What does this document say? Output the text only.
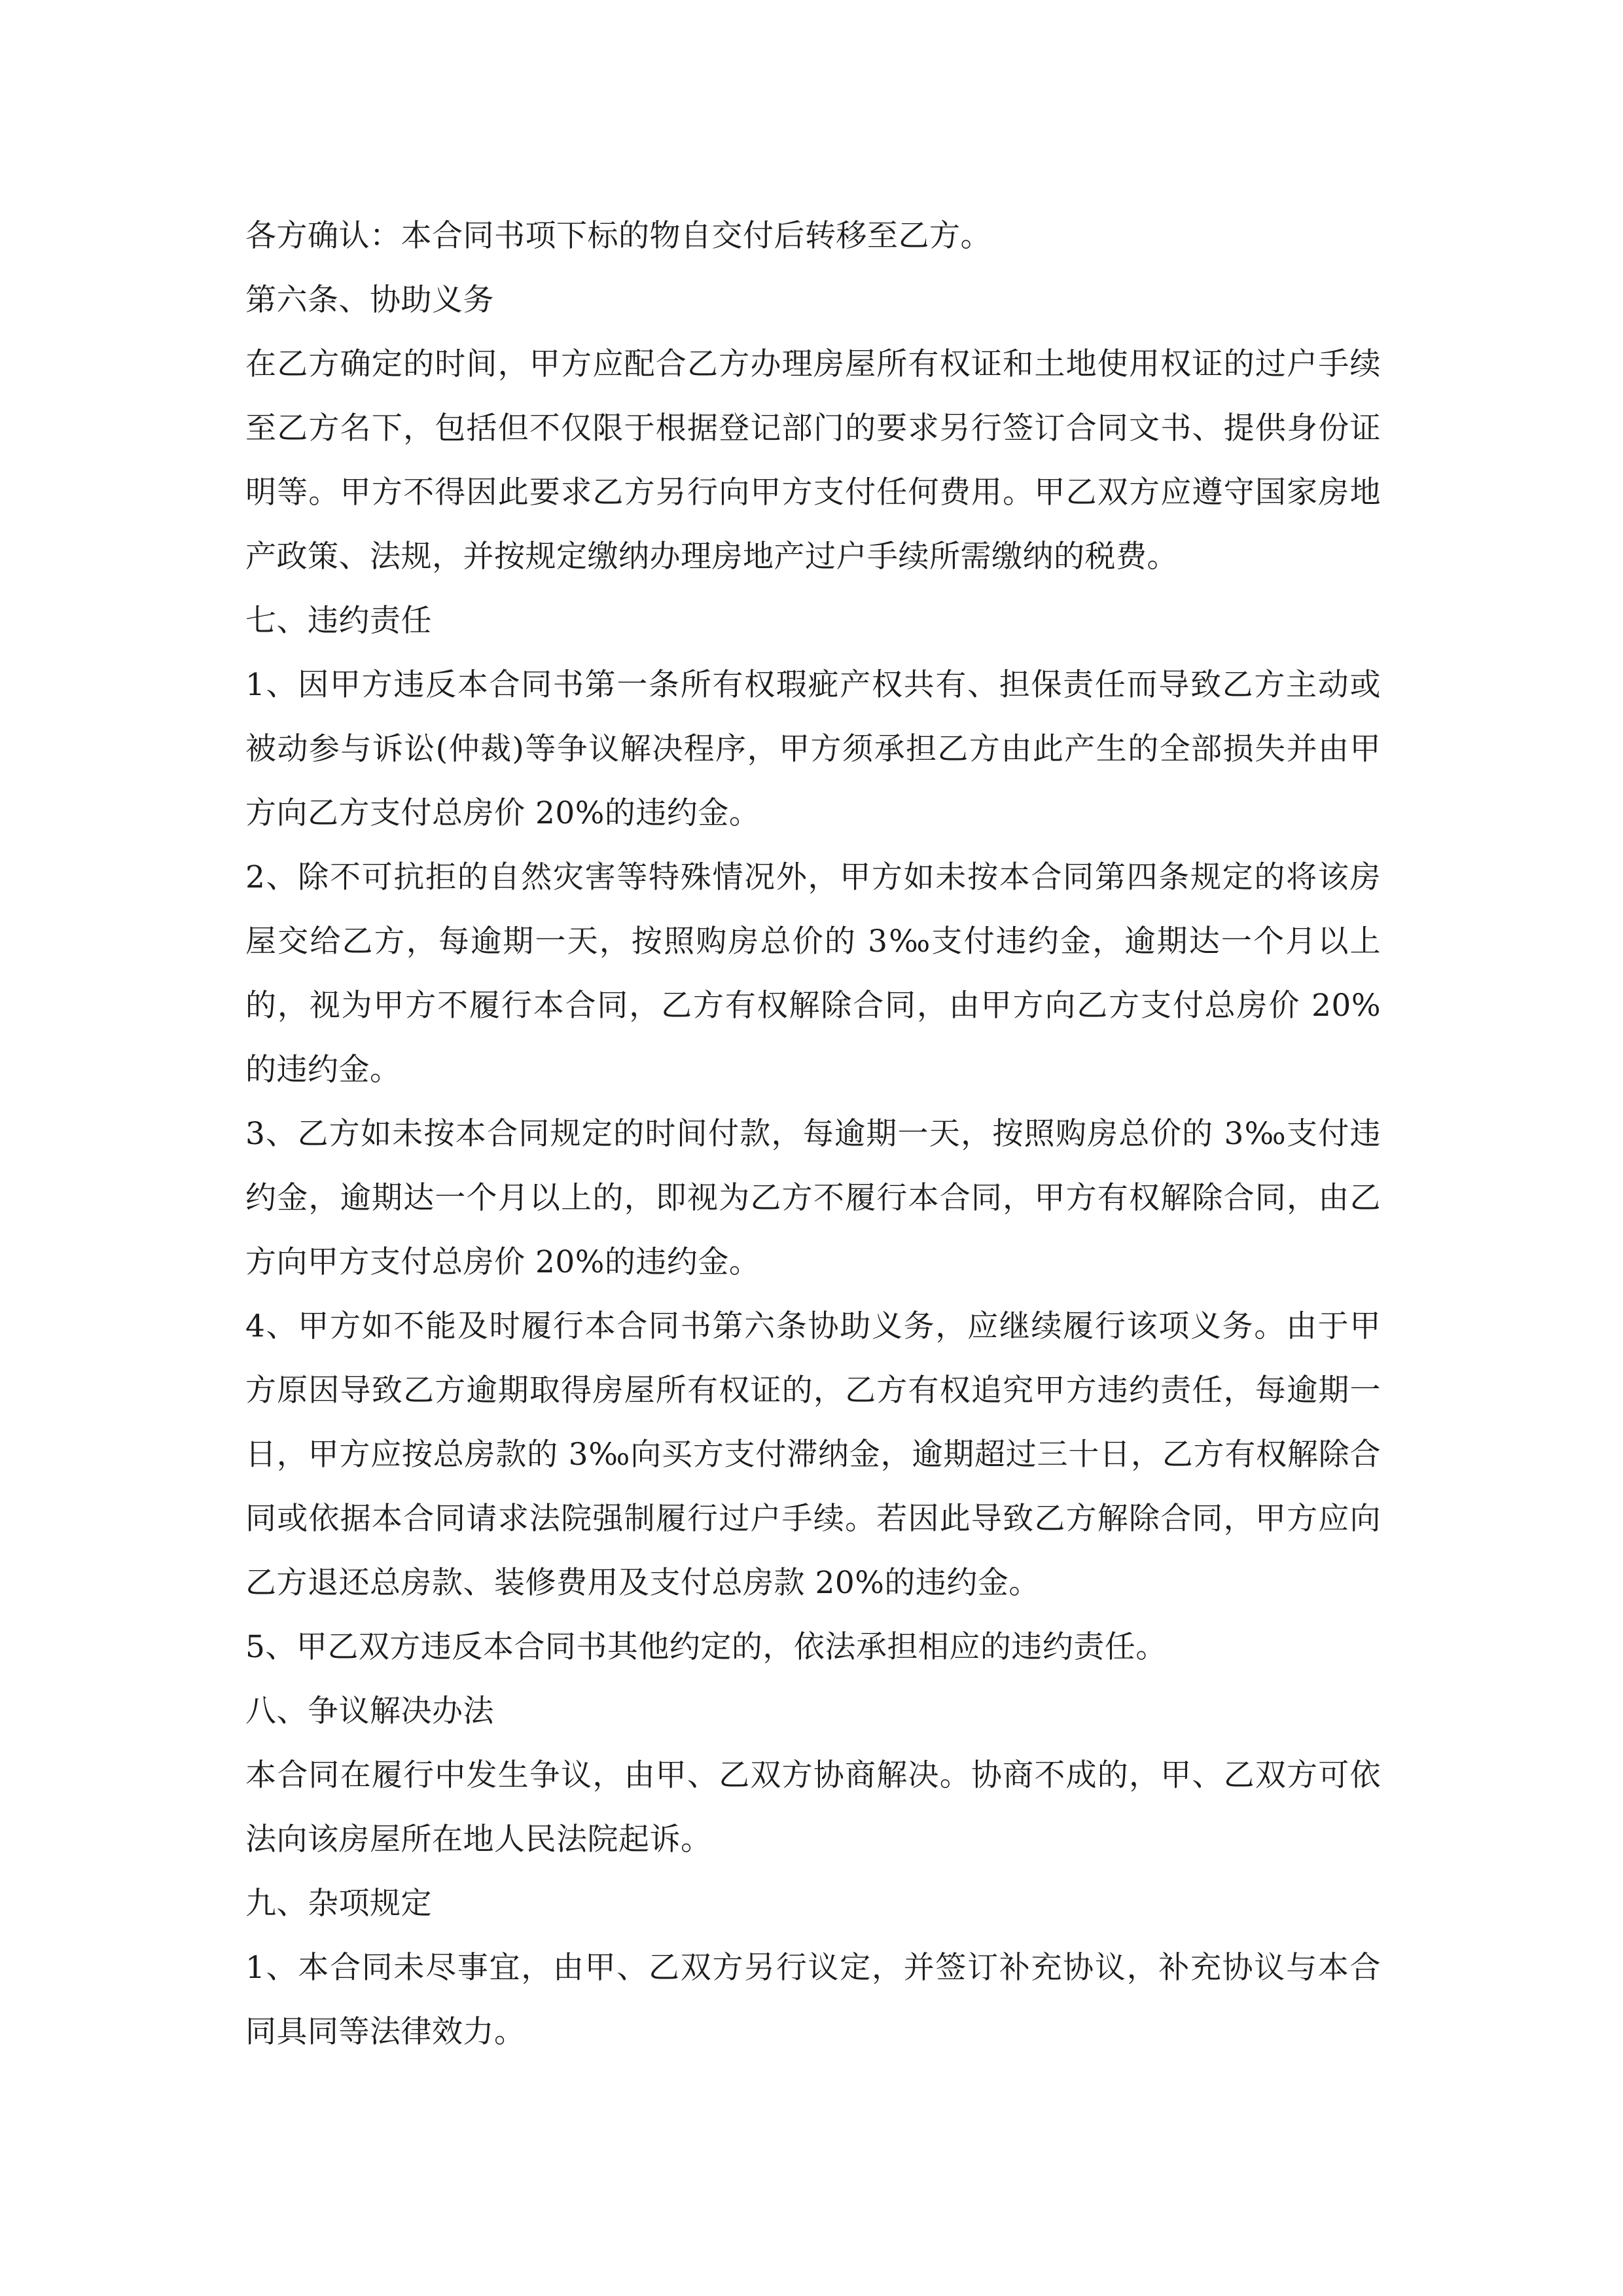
各方确认：本合同书项下标的物自交付后转移至乙方。

第六条、协助义务

在乙方确定的时间，甲方应配合乙方办理房屋所有权证和土地使用权证的过户手续至乙方名下，包括但不仅限于根据登记部门的要求另行签订合同文书、提供身份证明等。甲方不得因此要求乙方另行向甲方支付任何费用。甲乙双方应遵守国家房地产政策、法规，并按规定缴纳办理房地产过户手续所需缴纳的税费。

七、违约责任

1、因甲方违反本合同书第一条所有权瑕疵产权共有、担保责任而导致乙方主动或被动参与诉讼(仲裁)等争议解决程序，甲方须承担乙方由此产生的全部损失并由甲方向乙方支付总房价 20%的违约金。

2、除不可抗拒的自然灾害等特殊情况外，甲方如未按本合同第四条规定的将该房屋交给乙方，每逾期一天，按照购房总价的 3‰支付违约金，逾期达一个月以上的，视为甲方不履行本合同，乙方有权解除合同，由甲方向乙方支付总房价 20%的违约金。

3、乙方如未按本合同规定的时间付款，每逾期一天，按照购房总价的 3‰支付违约金，逾期达一个月以上的，即视为乙方不履行本合同，甲方有权解除合同，由乙方向甲方支付总房价 20%的违约金。

4、甲方如不能及时履行本合同书第六条协助义务，应继续履行该项义务。由于甲方原因导致乙方逾期取得房屋所有权证的，乙方有权追究甲方违约责任，每逾期一日，甲方应按总房款的 3‰向买方支付滞纳金，逾期超过三十日，乙方有权解除合同或依据本合同请求法院强制履行过户手续。若因此导致乙方解除合同，甲方应向乙方退还总房款、装修费用及支付总房款 20%的违约金。

5、甲乙双方违反本合同书其他约定的，依法承担相应的违约责任。

八、争议解决办法

本合同在履行中发生争议，由甲、乙双方协商解决。协商不成的，甲、乙双方可依法向该房屋所在地人民法院起诉。

九、杂项规定

1、本合同未尽事宜，由甲、乙双方另行议定，并签订补充协议，补充协议与本合同具同等法律效力。
